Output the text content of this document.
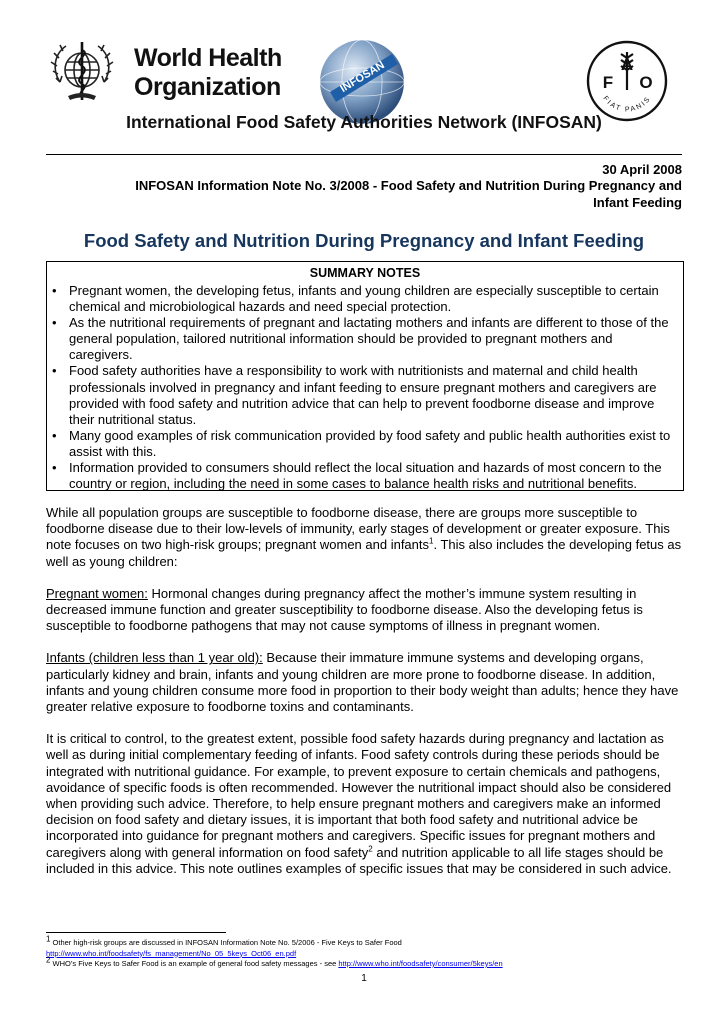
World Health
Organization	INFOSAN	F
A
O
FIAT PANIS
International Food Safety Authorities Network (INFOSAN)
30 April 2008
INFOSAN Information Note No. 3/2008 - Food Safety and Nutrition During Pregnancy and
Infant Feeding
Food Safety and Nutrition During Pregnancy and Infant Feeding
SUMMARY NOTES
• Pregnant women, the developing fetus, infants and young children are especially susceptible to certain chemical and microbiological hazards and need special protection.
• As the nutritional requirements of pregnant and lactating mothers and infants are different to those of the general population, tailored nutritional information should be provided to pregnant mothers and caregivers.
• Food safety authorities have a responsibility to work with nutritionists and maternal and child health professionals involved in pregnancy and infant feeding to ensure pregnant mothers and caregivers are provided with food safety and nutrition advice that can help to prevent foodborne disease and improve their nutritional status.
• Many good examples of risk communication provided by food safety and public health authorities exist to assist with this.
• Information provided to consumers should reflect the local situation and hazards of most concern to the country or region, including the need in some cases to balance health risks and nutritional benefits.

While all population groups are susceptible to foodborne disease, there are groups more susceptible to foodborne disease due to their low-levels of immunity, early stages of development or greater exposure. This note focuses on two high-risk groups; pregnant women and infants$^1$. This also includes the developing fetus as well as young children:

Pregnant women: Hormonal changes during pregnancy affect the mother’s immune system resulting in decreased immune function and greater susceptibility to foodborne disease. Also the developing fetus is susceptible to foodborne pathogens that may not cause symptoms of illness in pregnant women.

Infants (children less than 1 year old): Because their immature immune systems and developing organs, particularly kidney and brain, infants and young children are more prone to foodborne disease. In addition, infants and young children consume more food in proportion to their body weight than adults; hence they have greater relative exposure to foodborne toxins and contaminants.

It is critical to control, to the greatest extent, possible food safety hazards during pregnancy and lactation as well as during initial complementary feeding of infants. Food safety controls during these periods should be integrated with nutritional guidance. For example, to prevent exposure to certain chemicals and pathogens, avoidance of specific foods is often recommended. However the nutritional impact should also be considered when providing such advice. Therefore, to help ensure pregnant mothers and caregivers make an informed decision on food safety and dietary issues, it is important that both food safety and nutritional advice be incorporated into guidance for pregnant mothers and caregivers. Specific issues for pregnant mothers and caregivers along with general information on food safety$^2$ and nutrition applicable to all life stages should be included in this advice. This note outlines examples of specific issues that may be considered in such advice.

$^1$ Other high-risk groups are discussed in INFOSAN Information Note No. 5/2006 - Five Keys to Safer Food
http://www.who.int/foodsafety/fs_management/No_05_5keys_Oct06_en.pdf
$^2$ WHO’s Five Keys to Safer Food is an example of general food safety messages - see http://www.who.int/foodsafety/consumer/5keys/en
1
